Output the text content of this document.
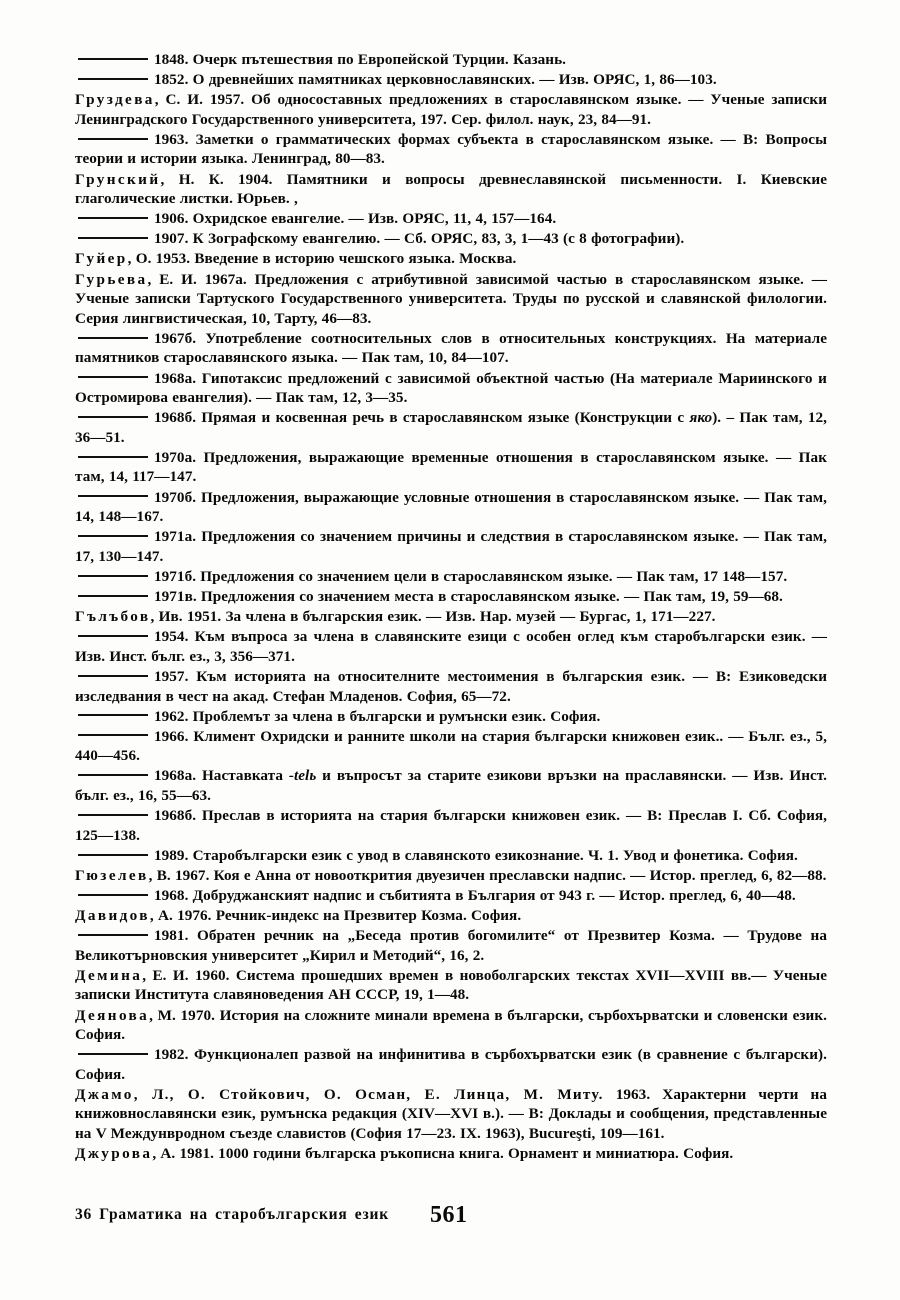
1848. Очерк пътешествия по Европейской Турции. Казань.
1852. О древнейших памятниках церковнославянских. — Изв. ОРЯС, 1, 86—103.
Груздева, С. И. 1957. Об односоставных предложениях в старославянском языке. — Ученые записки Ленинградского Государственного университета, 197. Сер. филол. наук, 23, 84—91.
1963. Заметки о грамматических формах субъекта в старославянском языке. — В: Вопросы теории и истории языка. Ленинград, 80—83.
Грунский, Н. К. 1904. Памятники и вопросы древнеславянской письменности. I. Киевские глаголические листки. Юрьев. ,
1906. Охридское евангелие. — Изв. ОРЯС, 11, 4, 157—164.
1907. К Зографскому евангелию. — Сб. ОРЯС, 83, 3, 1—43 (с 8 фотографии).
Гуйер, О. 1953. Введение в историю чешского языка. Москва.
Гурьева, Е. И. 1967а. Предложения с атрибутивной зависимой частью в старославянском языке. — Ученые записки Тартуского Государственного университета. Труды по русской и славянской филологии. Серия лингвистическая, 10, Тарту, 46—83.
1967б. Употребление соотносительных слов в относительных конструкциях. На материале памятников старославянского языка. — Пак там, 10, 84—107.
1968а. Гипотаксис предложений с зависимой объектной частью (На материале Мариинского и Остромирова евангелия). — Пак там, 12, 3—35.
1968б. Прямая и косвенная речь в старославянском языке (Конструкции с яко). – Пак там, 12, 36—51.
1970а. Предложения, выражающие временные отношения в старославянском языке. — Пак там, 14, 117—147.
1970б. Предложения, выражающие условные отношения в старославянском языке. — Пак там, 14, 148—167.
1971а. Предложения со значением причины и следствия в старославянском языке. — Пак там, 17, 130—147.
1971б. Предложения со значением цели в старославянском языке. — Пак там, 17 148—157.
1971в. Предложения со значением места в старославянском языке. — Пак там, 19, 59—68.
Гълъбов, Ив. 1951. За члена в българския език. — Изв. Нар. музей — Бургас, 1, 171—227.
1954. Към въпроса за члена в славянските езици с особен оглед към старобългарски език. — Изв. Инст. бълг. ез., 3, 356—371.
1957. Към историята на относителните местоимения в българския език. — В: Езиковедски изследвания в чест на акад. Стефан Младенов. София, 65—72.
1962. Проблемът за члена в български и румънски език. София.
1966. Климент Охридски и ранните школи на стария български книжовен език.. — Бълг. ез., 5, 440—456.
1968а. Наставката -telь и въпросът за старите езикови връзки на праславянски. — Изв. Инст. бълг. ез., 16, 55—63.
1968б. Преслав в историята на стария български книжовен език. — В: Преслав I. Сб. София, 125—138.
1989. Старобългарски език с увод в славянското езикознание. Ч. 1. Увод и фонетика. София.
Гюзелев, В. 1967. Коя е Анна от новооткрития двуезичен преславски надпис. — Истор. преглед, 6, 82—88.
1968. Добруджанският надпис и събитията в България от 943 г. — Истор. преглед, 6, 40—48.
Давидов, А. 1976. Речник-индекс на Презвитер Козма. София.
1981. Обратен речник на „Беседа против богомилите“ от Презвитер Козма. — Трудове на Великотърновския университет „Кирил и Методий“, 16, 2.
Демина, Е. И. 1960. Система прошедших времен в новоболгарских текстах XVII—XVIII вв.— Ученые записки Института славяноведения АН СССР, 19, 1—48.
Деянова, М. 1970. История на сложните минали времена в български, сърбохърватски и словенски език. София.
1982. Функционалеп развой на инфинитива в сърбохърватски език (в сравнение с български). София.
Джамо, Л., О. Стойкович, О. Осман, Е. Линца, М. Миту. 1963. Характерни черти на книжовнославянски език, румънска редакция (XIV—XVI в.). — В: Доклады и сообщения, представленные на V Междунвродном съезде славистов (София 17—23. IX. 1963), Bucureşti, 109—161.
Джурова, А. 1981. 1000 години българска ръкописна книга. Орнамент и миниатюра. София.
36 Граматика на старобългарския език 561
